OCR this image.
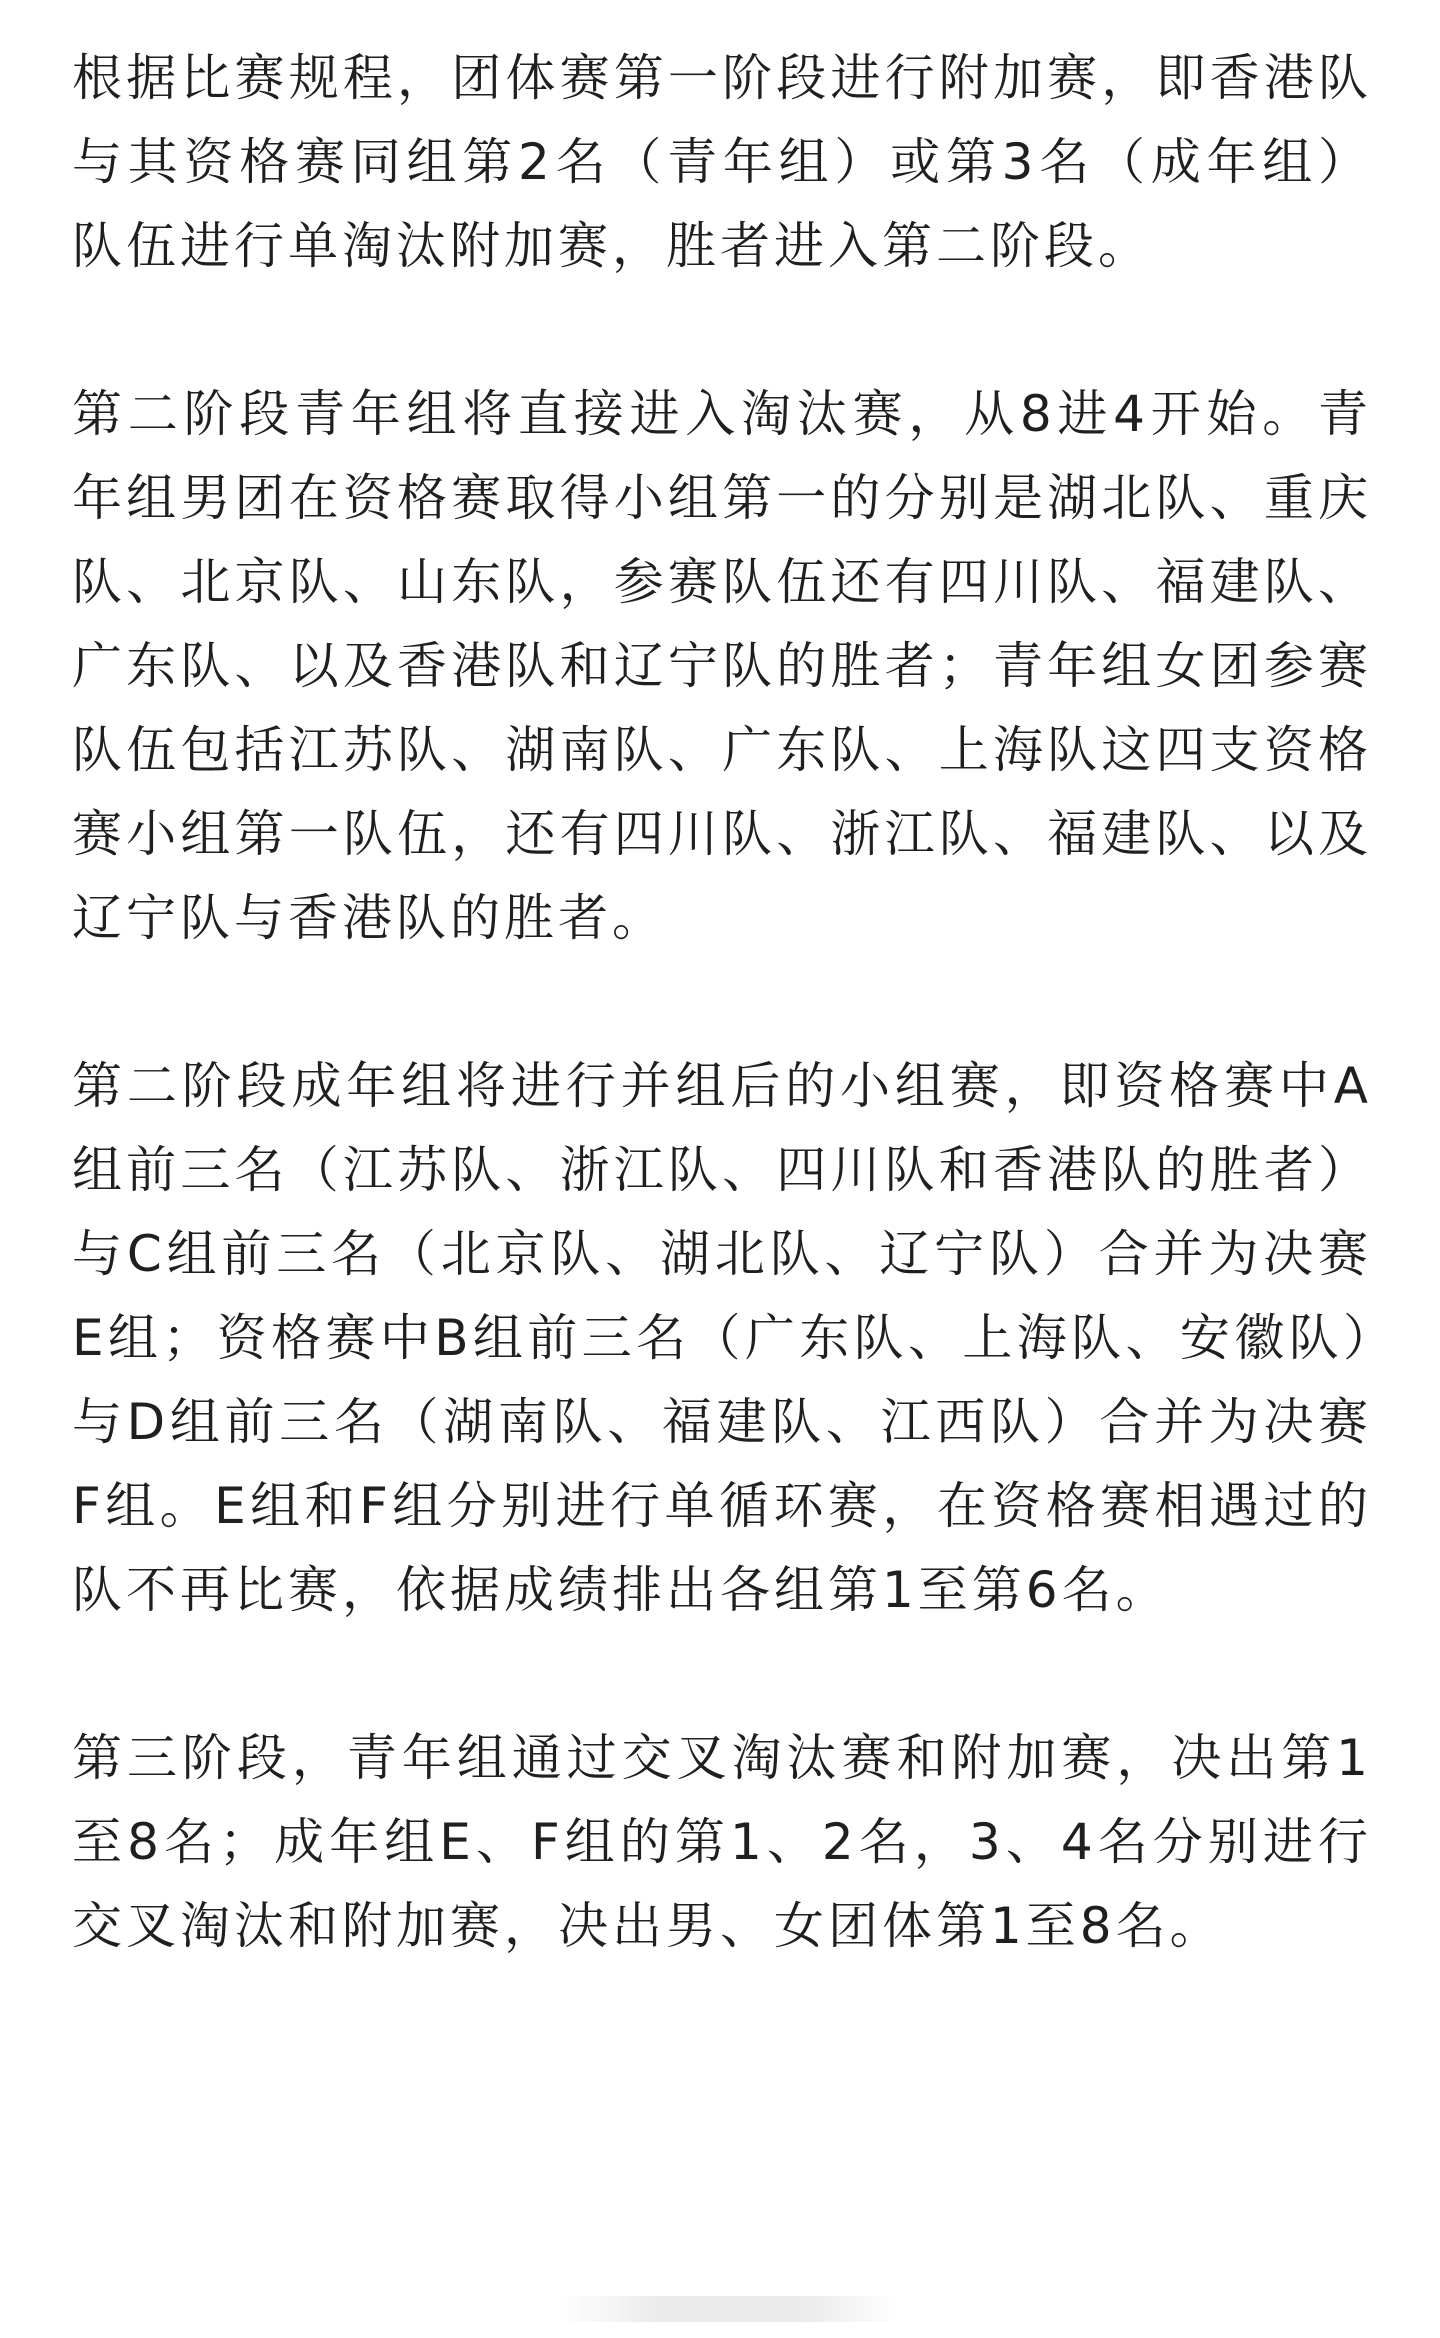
根据比赛规程，团体赛第一阶段进行附加赛，即香港队与其资格赛同组第2名（青年组）或第3名（成年组）队伍进行单淘汰附加赛，胜者进入第二阶段。

第二阶段青年组将直接进入淘汰赛，从8进4开始。青年组男团在资格赛取得小组第一的分别是湖北队、重庆队、北京队、山东队，参赛队伍还有四川队、福建队、广东队、以及香港队和辽宁队的胜者；青年组女团参赛队伍包括江苏队、湖南队、广东队、上海队这四支资格赛小组第一队伍，还有四川队、浙江队、福建队、以及辽宁队与香港队的胜者。

第二阶段成年组将进行并组后的小组赛，即资格赛中A组前三名（江苏队、浙江队、四川队和香港队的胜者）与C组前三名（北京队、湖北队、辽宁队）合并为决赛E组；资格赛中B组前三名（广东队、上海队、安徽队）与D组前三名（湖南队、福建队、江西队）合并为决赛F组。E组和F组分别进行单循环赛，在资格赛相遇过的队不再比赛，依据成绩排出各组第1至第6名。

第三阶段，青年组通过交叉淘汰赛和附加赛，决出第1至8名；成年组E、F组的第1、2名，3、4名分别进行交叉淘汰和附加赛，决出男、女团体第1至8名。
